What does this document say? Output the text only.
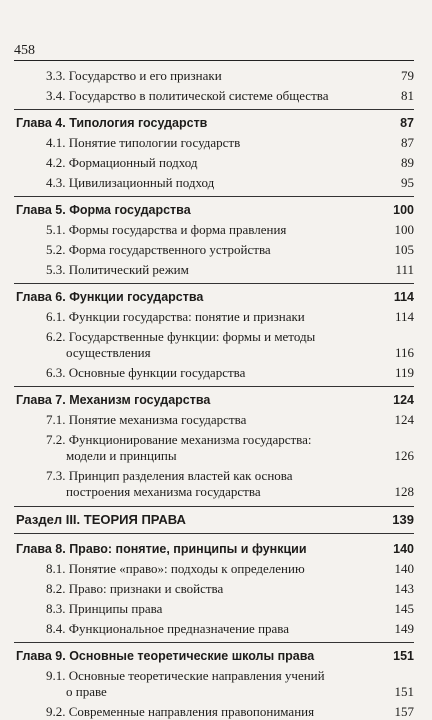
458
3.3. Государство и его признаки	79
3.4. Государство в политической системе общества	81
Глава 4. Типология государств	87
4.1. Понятие типологии государств	87
4.2. Формационный подход	89
4.3. Цивилизационный подход	95
Глава 5. Форма государства	100
5.1. Формы государства и форма правления	100
5.2. Форма государственного устройства	105
5.3. Политический режим	111
Глава 6. Функции государства	114
6.1. Функции государства: понятие и признаки	114
6.2. Государственные функции: формы и методы
осуществления	116
6.3. Основные функции государства	119
Глава 7. Механизм государства	124
7.1. Понятие механизма государства	124
7.2. Функционирование механизма государства:
модели и принципы	126
7.3. Принцип разделения властей как основа
построения механизма государства	128
Раздел III. ТЕОРИЯ ПРАВА	139
Глава 8. Право: понятие, принципы и функции	140
8.1. Понятие «право»: подходы к определению	140
8.2. Право: признаки и свойства	143
8.3. Принципы права	145
8.4. Функциональное предназначение права	149
Глава 9. Основные теоретические школы права	151
9.1. Основные теоретические направления учений
о праве	151
9.2. Современные направления правопонимания	157
